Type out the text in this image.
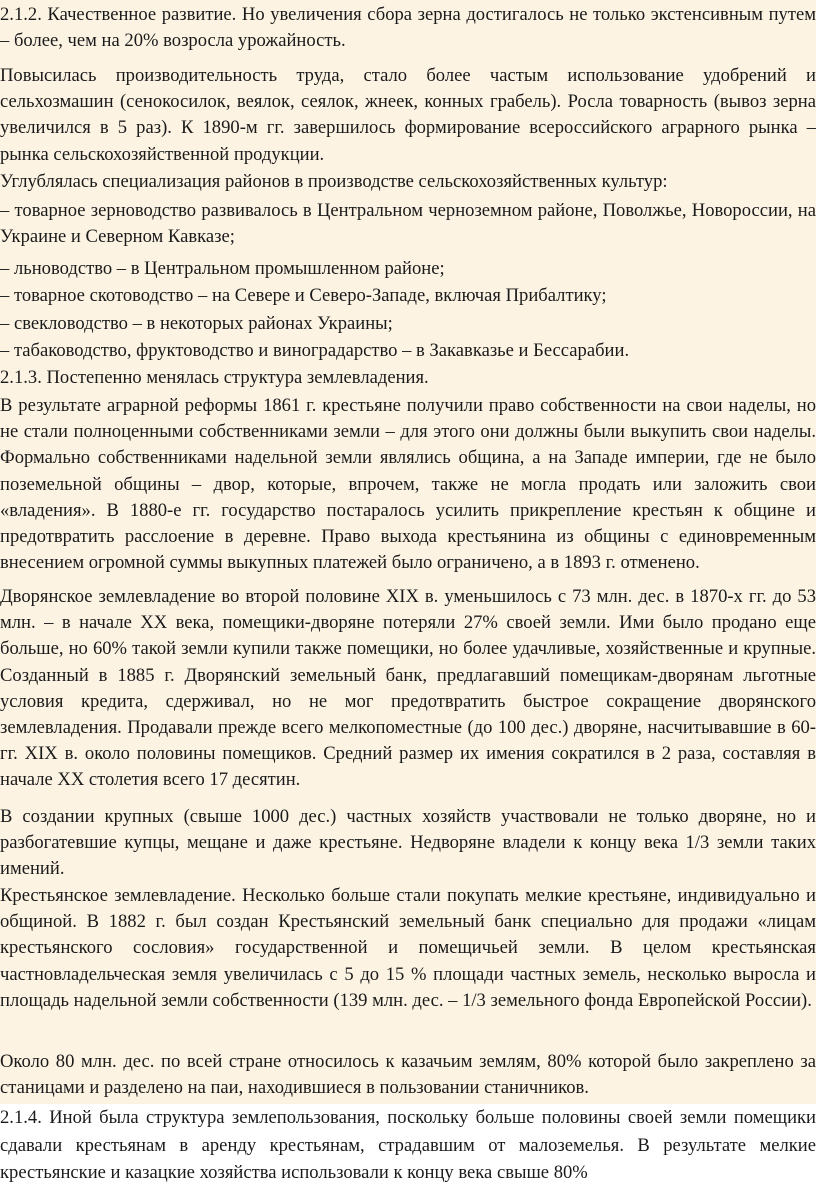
2.1.2. Качественное развитие. Но увеличения сбора зерна достигалось не только экстенсивным путем – более, чем на 20% возросла урожайность.

Повысилась производительность труда, стало более частым использование удобрений и сельхозмашин (сенокосилок, веялок, сеялок, жнеек, конных грабель). Росла товарность (вывоз зерна увеличился в 5 раз). К 1890-м гг. завершилось формирование всероссийского аграрного рынка – рынка сельскохозяйственной продукции.

Углублялась специализация районов в производстве сельскохозяйственных культур:

– товарное зерноводство развивалось в Центральном черноземном районе, Поволжье, Новороссии, на Украине и Северном Кавказе;

– льноводство – в Центральном промышленном районе;

– товарное скотоводство – на Севере и Северо-Западе, включая Прибалтику;

– свекловодство – в некоторых районах Украины;

– табаководство, фруктоводство и виноградарство – в Закавказье и Бессарабии.

2.1.3. Постепенно менялась структура землевладения.

В результате аграрной реформы 1861 г. крестьяне получили право собственности на свои наделы, но не стали полноценными собственниками земли – для этого они должны были выкупить свои наделы. Формально собственниками надельной земли являлись община, а на Западе империи, где не было поземельной общины – двор, которые, впрочем, также не могла продать или заложить свои «владения». В 1880-е гг. государство постаралось усилить прикрепление крестьян к общине и предотвратить расслоение в деревне. Право выхода крестьянина из общины с единовременным внесением огромной суммы выкупных платежей было ограничено, а в 1893 г. отменено.

Дворянское землевладение во второй половине XIX в. уменьшилось с 73 млн. дес. в 1870-х гг. до 53 млн. – в начале XX века, помещики-дворяне потеряли 27% своей земли. Ими было продано еще больше, но 60% такой земли купили также помещики, но более удачливые, хозяйственные и крупные. Созданный в 1885 г. Дворянский земельный банк, предлагавший помещикам-дворянам льготные условия кредита, сдерживал, но не мог предотвратить быстрое сокращение дворянского землевладения. Продавали прежде всего мелкопоместные (до 100 дес.) дворяне, насчитывавшие в 60-гг. XIX в. около половины помещиков. Средний размер их имения сократился в 2 раза, составляя в начале XX столетия всего 17 десятин.

В создании крупных (свыше 1000 дес.) частных хозяйств участвовали не только дворяне, но и разбогатевшие купцы, мещане и даже крестьяне. Недворяне владели к концу века 1/3 земли таких имений.

Крестьянское землевладение. Несколько больше стали покупать мелкие крестьяне, индивидуально и общиной. В 1882 г. был создан Крестьянский земельный банк специально для продажи «лицам крестьянского сословия» государственной и помещичьей земли. В целом крестьянская частновладельческая земля увеличилась с 5 до 15 % площади частных земель, несколько выросла и площадь надельной земли собственности (139 млн. дес. – 1/3 земельного фонда Европейской России).

Около 80 млн. дес. по всей стране относилось к казачьим землям, 80% которой было закреплено за станицами и разделено на паи, находившиеся в пользовании станичников.

2.1.4. Иной была структура землепользования, поскольку больше половины своей земли помещики сдавали крестьянам в аренду крестьянам, страдавшим от малоземелья. В результате мелкие крестьянские и казацкие хозяйства использовали к концу века свыше 80%
